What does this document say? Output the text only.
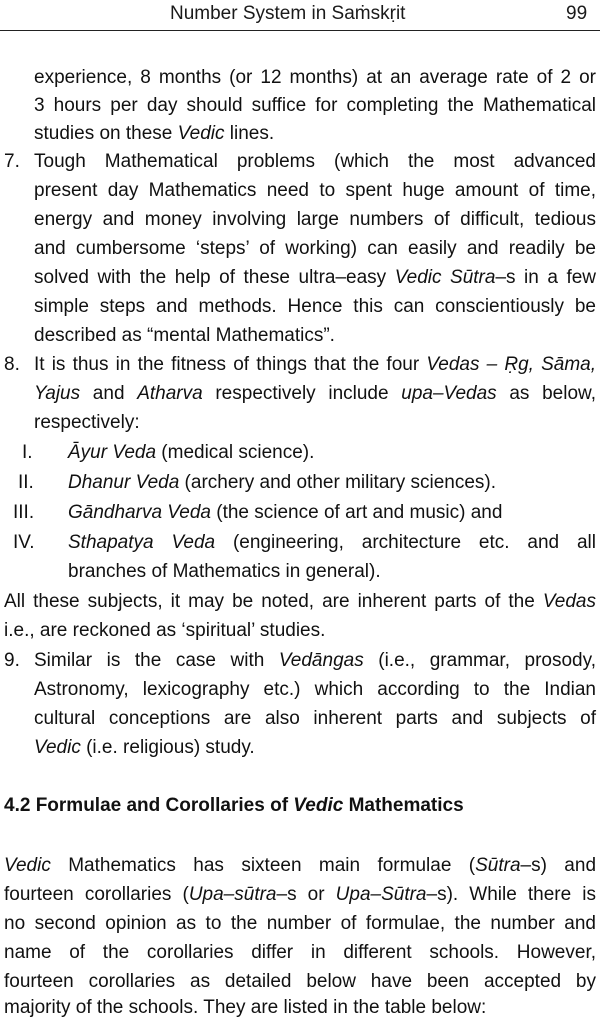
Number System in Saṁskṛit	99
experience, 8 months (or 12 months) at an average rate of 2 or
3 hours per day should suffice for completing the Mathematical
studies on these Vedic lines.
7. Tough Mathematical problems (which the most advanced
present day Mathematics need to spent huge amount of time,
energy and money involving large numbers of difficult, tedious
and cumbersome ‘steps’ of working) can easily and readily be
solved with the help of these ultra–easy Vedic Sūtra–s in a few
simple steps and methods. Hence this can conscientiously be
described as “mental Mathematics”.
8. It is thus in the fitness of things that the four Vedas – Ṛg, Sāma,
Yajus and Atharva respectively include upa–Vedas as below,
respectively:
I. Āyur Veda (medical science).
II. Dhanur Veda (archery and other military sciences).
III. Gāndharva Veda (the science of art and music) and
IV. Sthapatya Veda (engineering, architecture etc. and all
branches of Mathematics in general).
All these subjects, it may be noted, are inherent parts of the Vedas
i.e., are reckoned as ‘spiritual’ studies.
9. Similar is the case with Vedāngas (i.e., grammar, prosody,
Astronomy, lexicography etc.) which according to the Indian
cultural conceptions are also inherent parts and subjects of
Vedic (i.e. religious) study.
4.2 Formulae and Corollaries of Vedic Mathematics
Vedic Mathematics has sixteen main formulae (Sūtra–s) and
fourteen corollaries (Upa–sūtra–s or Upa–Sūtra–s). While there is
no second opinion as to the number of formulae, the number and
name of the corollaries differ in different schools. However,
fourteen corollaries as detailed below have been accepted by
majority of the schools. They are listed in the table below:
